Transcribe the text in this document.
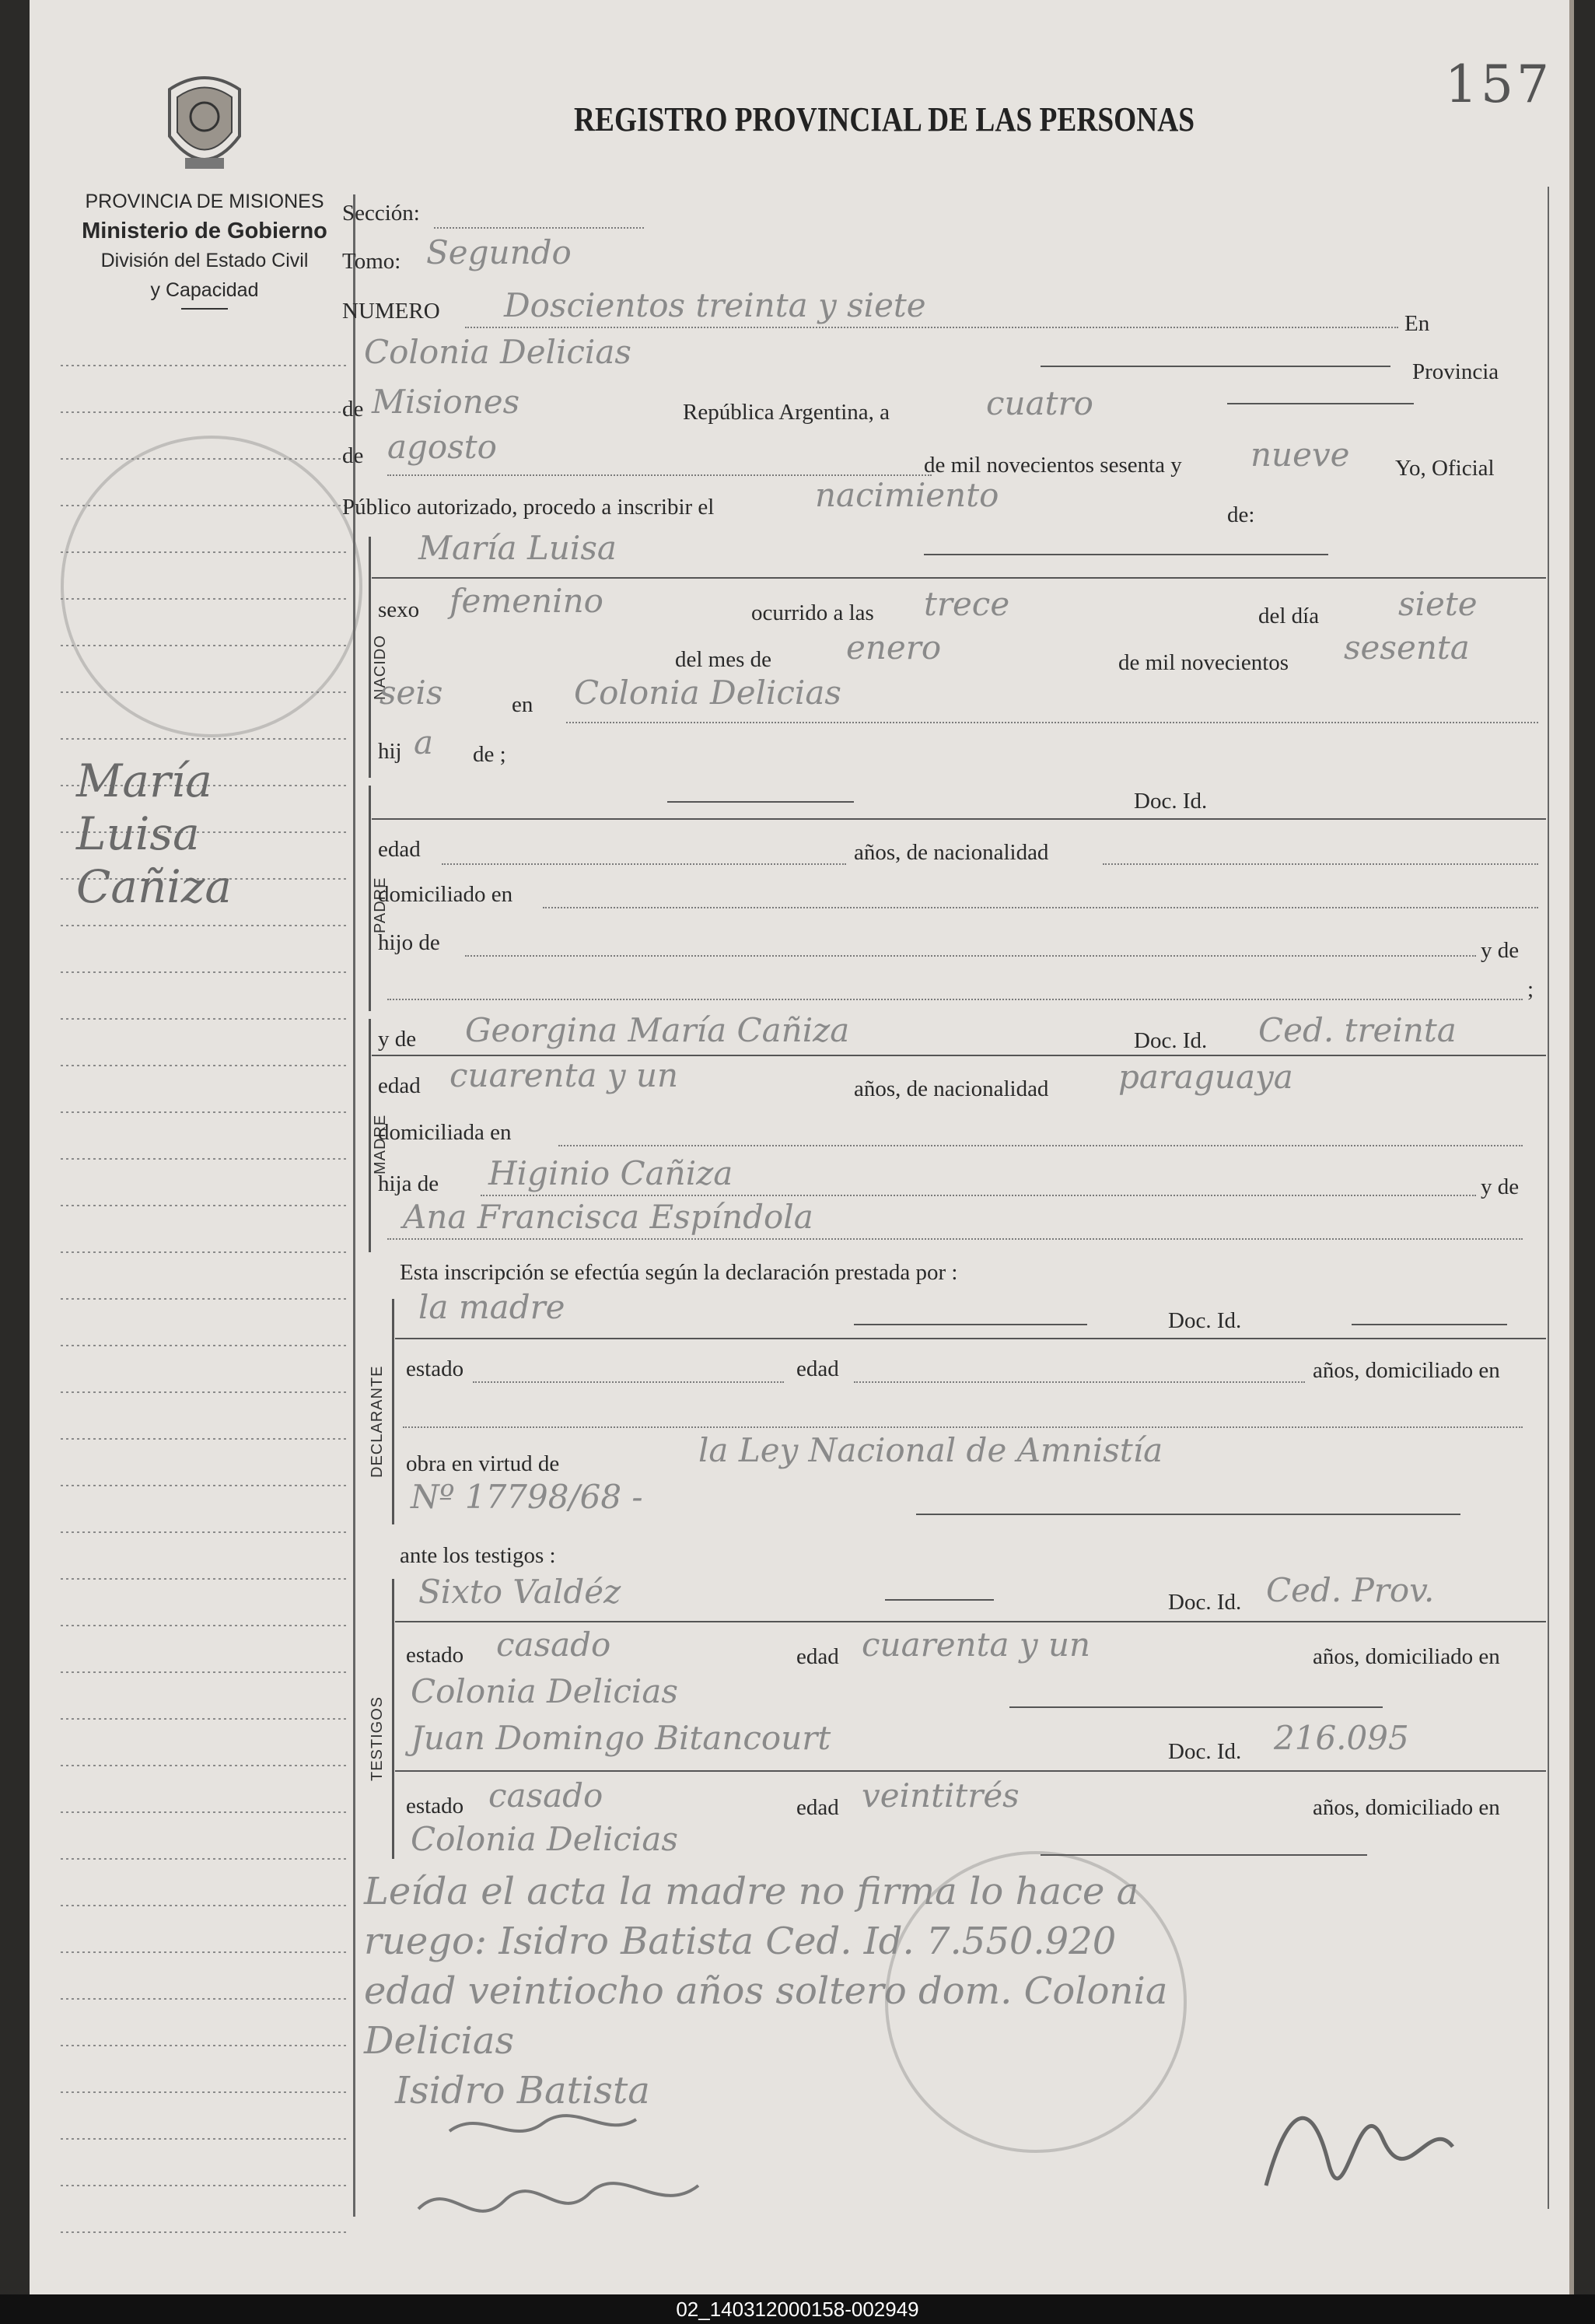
157
REGISTRO PROVINCIAL DE LAS PERSONAS
PROVINCIA DE MISIONES
Ministerio de Gobierno
División del Estado Civil
y Capacidad
María
Luisa
Cañiza
Sección:
Tomo: Segundo
NUMERO Doscientos treinta y siete	En
Colonia Delicias
Provincia
de Misiones	República Argentina, a	cuatro
de agosto	de mil novecientos sesenta y nueve Yo, Oficial
Público autorizado, procedo a inscribir el	nacimiento
de:
NACIDO
María Luisa
sexo femenino	ocurrido a las trece	del día siete
del mes de enero	de mil novecientos sesenta
seis	en Colonia Delicias
hij a de ;
PADRE
Doc. Id.
edad	años, de nacionalidad
domiciliado en
hijo de	y de
;
MADRE
y de Georgina María Cañiza	Doc. Id. Ced. treinta
edad cuarenta y un	años, de nacionalidad paraguaya
domiciliada en
hija de Higinio Cañiza	y de
Ana Francisca Espíndola
Esta inscripción se efectúa según la declaración prestada por :
DECLARANTE
la madre	Doc. Id.
estado	edad	años, domiciliado en
obra en virtud de	la Ley Nacional de Amnistía
Nº 17798/68 -
ante los testigos :
TESTIGOS
Sixto Valdéz	Doc. Id. Ced. Prov.
estado casado	edad cuarenta y un	años, domiciliado en
Colonia Delicias
Juan Domingo Bitancourt	Doc. Id. 216.095
estado casado	edad veintitrés	años, domiciliado en
Colonia Delicias
Leída el acta la madre no firma lo hace a
ruego: Isidro Batista Ced. Id. 7.550.920
edad veintiocho años soltero dom. Colonia
Delicias
Isidro Batista
02_140312000158-002949
